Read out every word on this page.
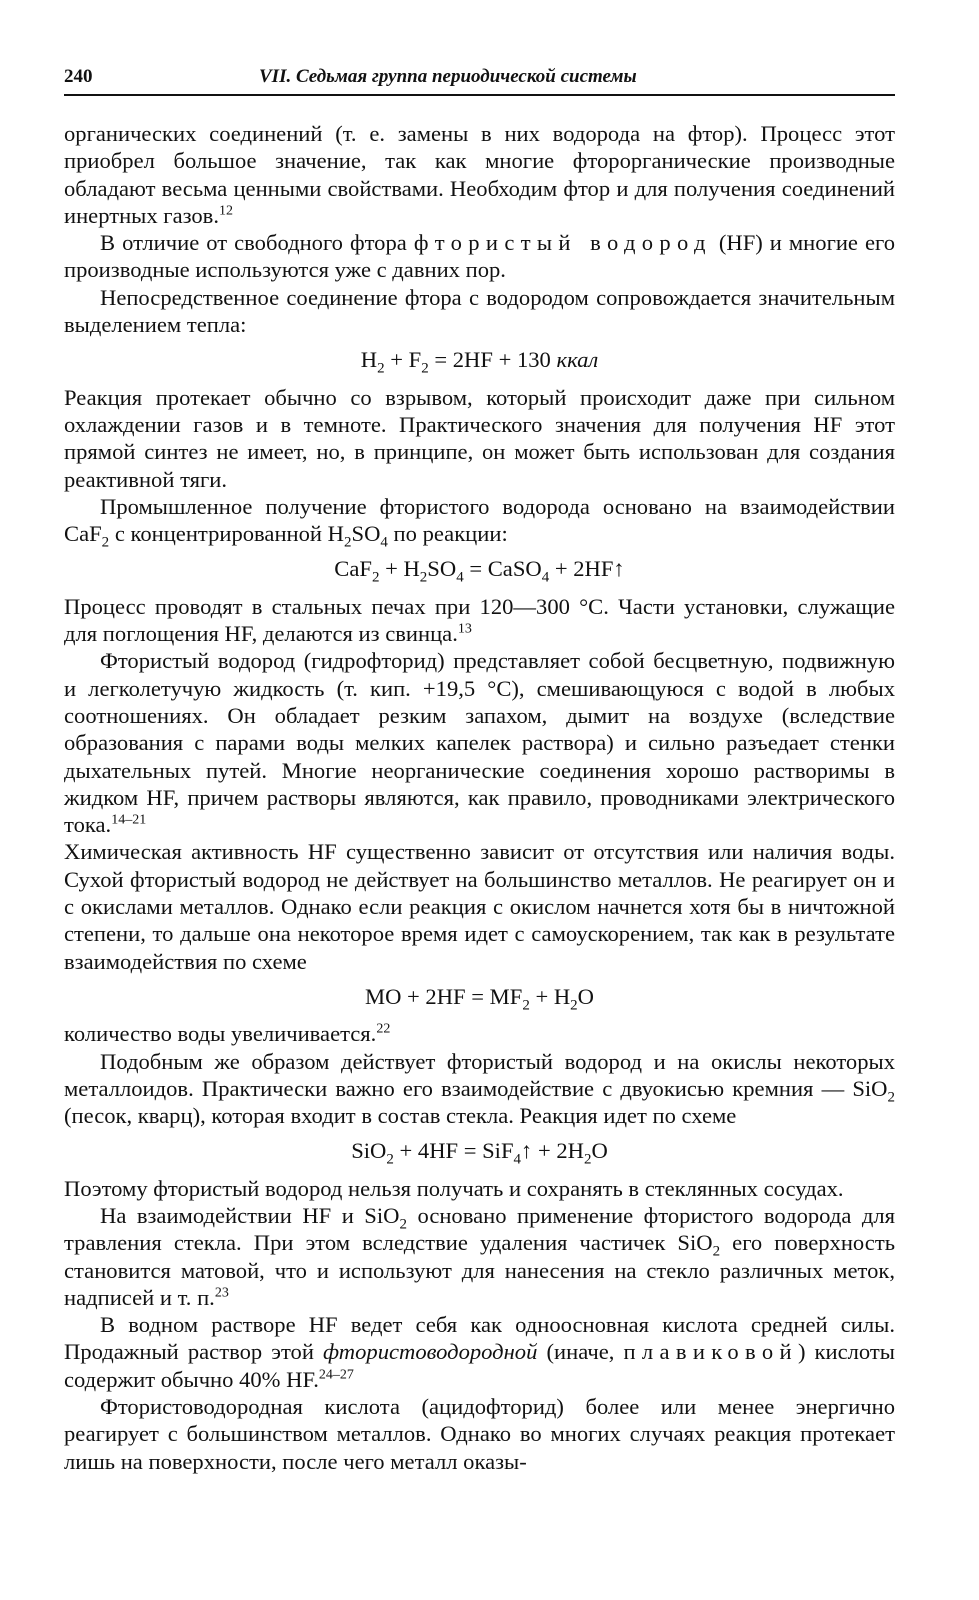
240	VII. Седьмая группа периодической системы

органических соединений (т. е. замены в них водорода на фтор). Процесс этот приобрел большое значение, так как многие фторорганические производные обладают весьма ценными свойствами. Необходим фтор и для получения соединений инертных газов.$^{12}$

В отличие от свободного фтора фтористый водород (HF) и многие его производные используются уже с давних пор.

Непосредственное соединение фтора с водородом сопровождается значительным выделением тепла:

$H_2 + F_2 = 2HF + 130$ ккал

Реакция протекает обычно со взрывом, который происходит даже при сильном охлаждении газов и в темноте. Практического значения для получения HF этот прямой синтез не имеет, но, в принципе, он может быть использован для создания реактивной тяги.

Промышленное получение фтористого водорода основано на взаимодействии CaF$_2$ с концентрированной $H_2SO_4$ по реакции:

$CaF_2 + H_2SO_4$ = CaSO$_4$ + 2HF↑

Процесс проводят в стальных печах при 120—300 °С. Части установки, служащие для поглощения HF, делаются из свинца.$^{13}$

Фтористый водород (гидрофторид) представляет собой бесцветную, подвижную и легколетучую жидкость (т. кип. +19,5 °С), смешивающуюся с водой в любых соотношениях. Он обладает резким запахом, дымит на воздухе (вследствие образования с парами воды мелких капелек раствора) и сильно разъедает стенки дыхательных путей. Многие неорганические соединения хорошо растворимы в жидком HF, причем растворы являются, как правило, проводниками электрического тока.$^{14-21}$

Химическая активность HF существенно зависит от отсутствия или наличия воды. Сухой фтористый водород не действует на большинство металлов. Не реагирует он и с окислами металлов. Однако если реакция с окислом начнется хотя бы в ничтожной степени, то дальше она некоторое время идет с самоускорением, так как в результате взаимодействия по схеме

MO + $2HF = MF_2 + H_2O$

количество воды увеличивается.$^{22}$

Подобным же образом действует фтористый водород и на окислы некоторых металлоидов. Практически важно его взаимодействие с двуокисью кремния — SiO$_2$ (песок, кварц), которая входит в состав стекла. Реакция идет по схеме

SiO$_2$ + 4HF = SiF$_4$↑ + $2H_2O$

Поэтому фтористый водород нельзя получать и сохранять в стеклянных сосудах.

На взаимодействии HF и SiO$_2$ основано применение фтористого водорода для травления стекла. При этом вследствие удаления частичек SiO$_2$ его поверхность становится матовой, что и используют для нанесения на стекло различных меток, надписей и т. п.$^{23}$

В водном растворе HF ведет себя как одноосновная кислота средней силы. Продажный раствор этой фтористоводородной (иначе, плавиковой) кислоты содержит обычно 40% HF.$^{24-27}$

Фтористоводородная кислота (ацидофторид) более или менее энергично реагирует с большинством металлов. Однако во многих случаях реакция протекает лишь на поверхности, после чего металл оказы-
